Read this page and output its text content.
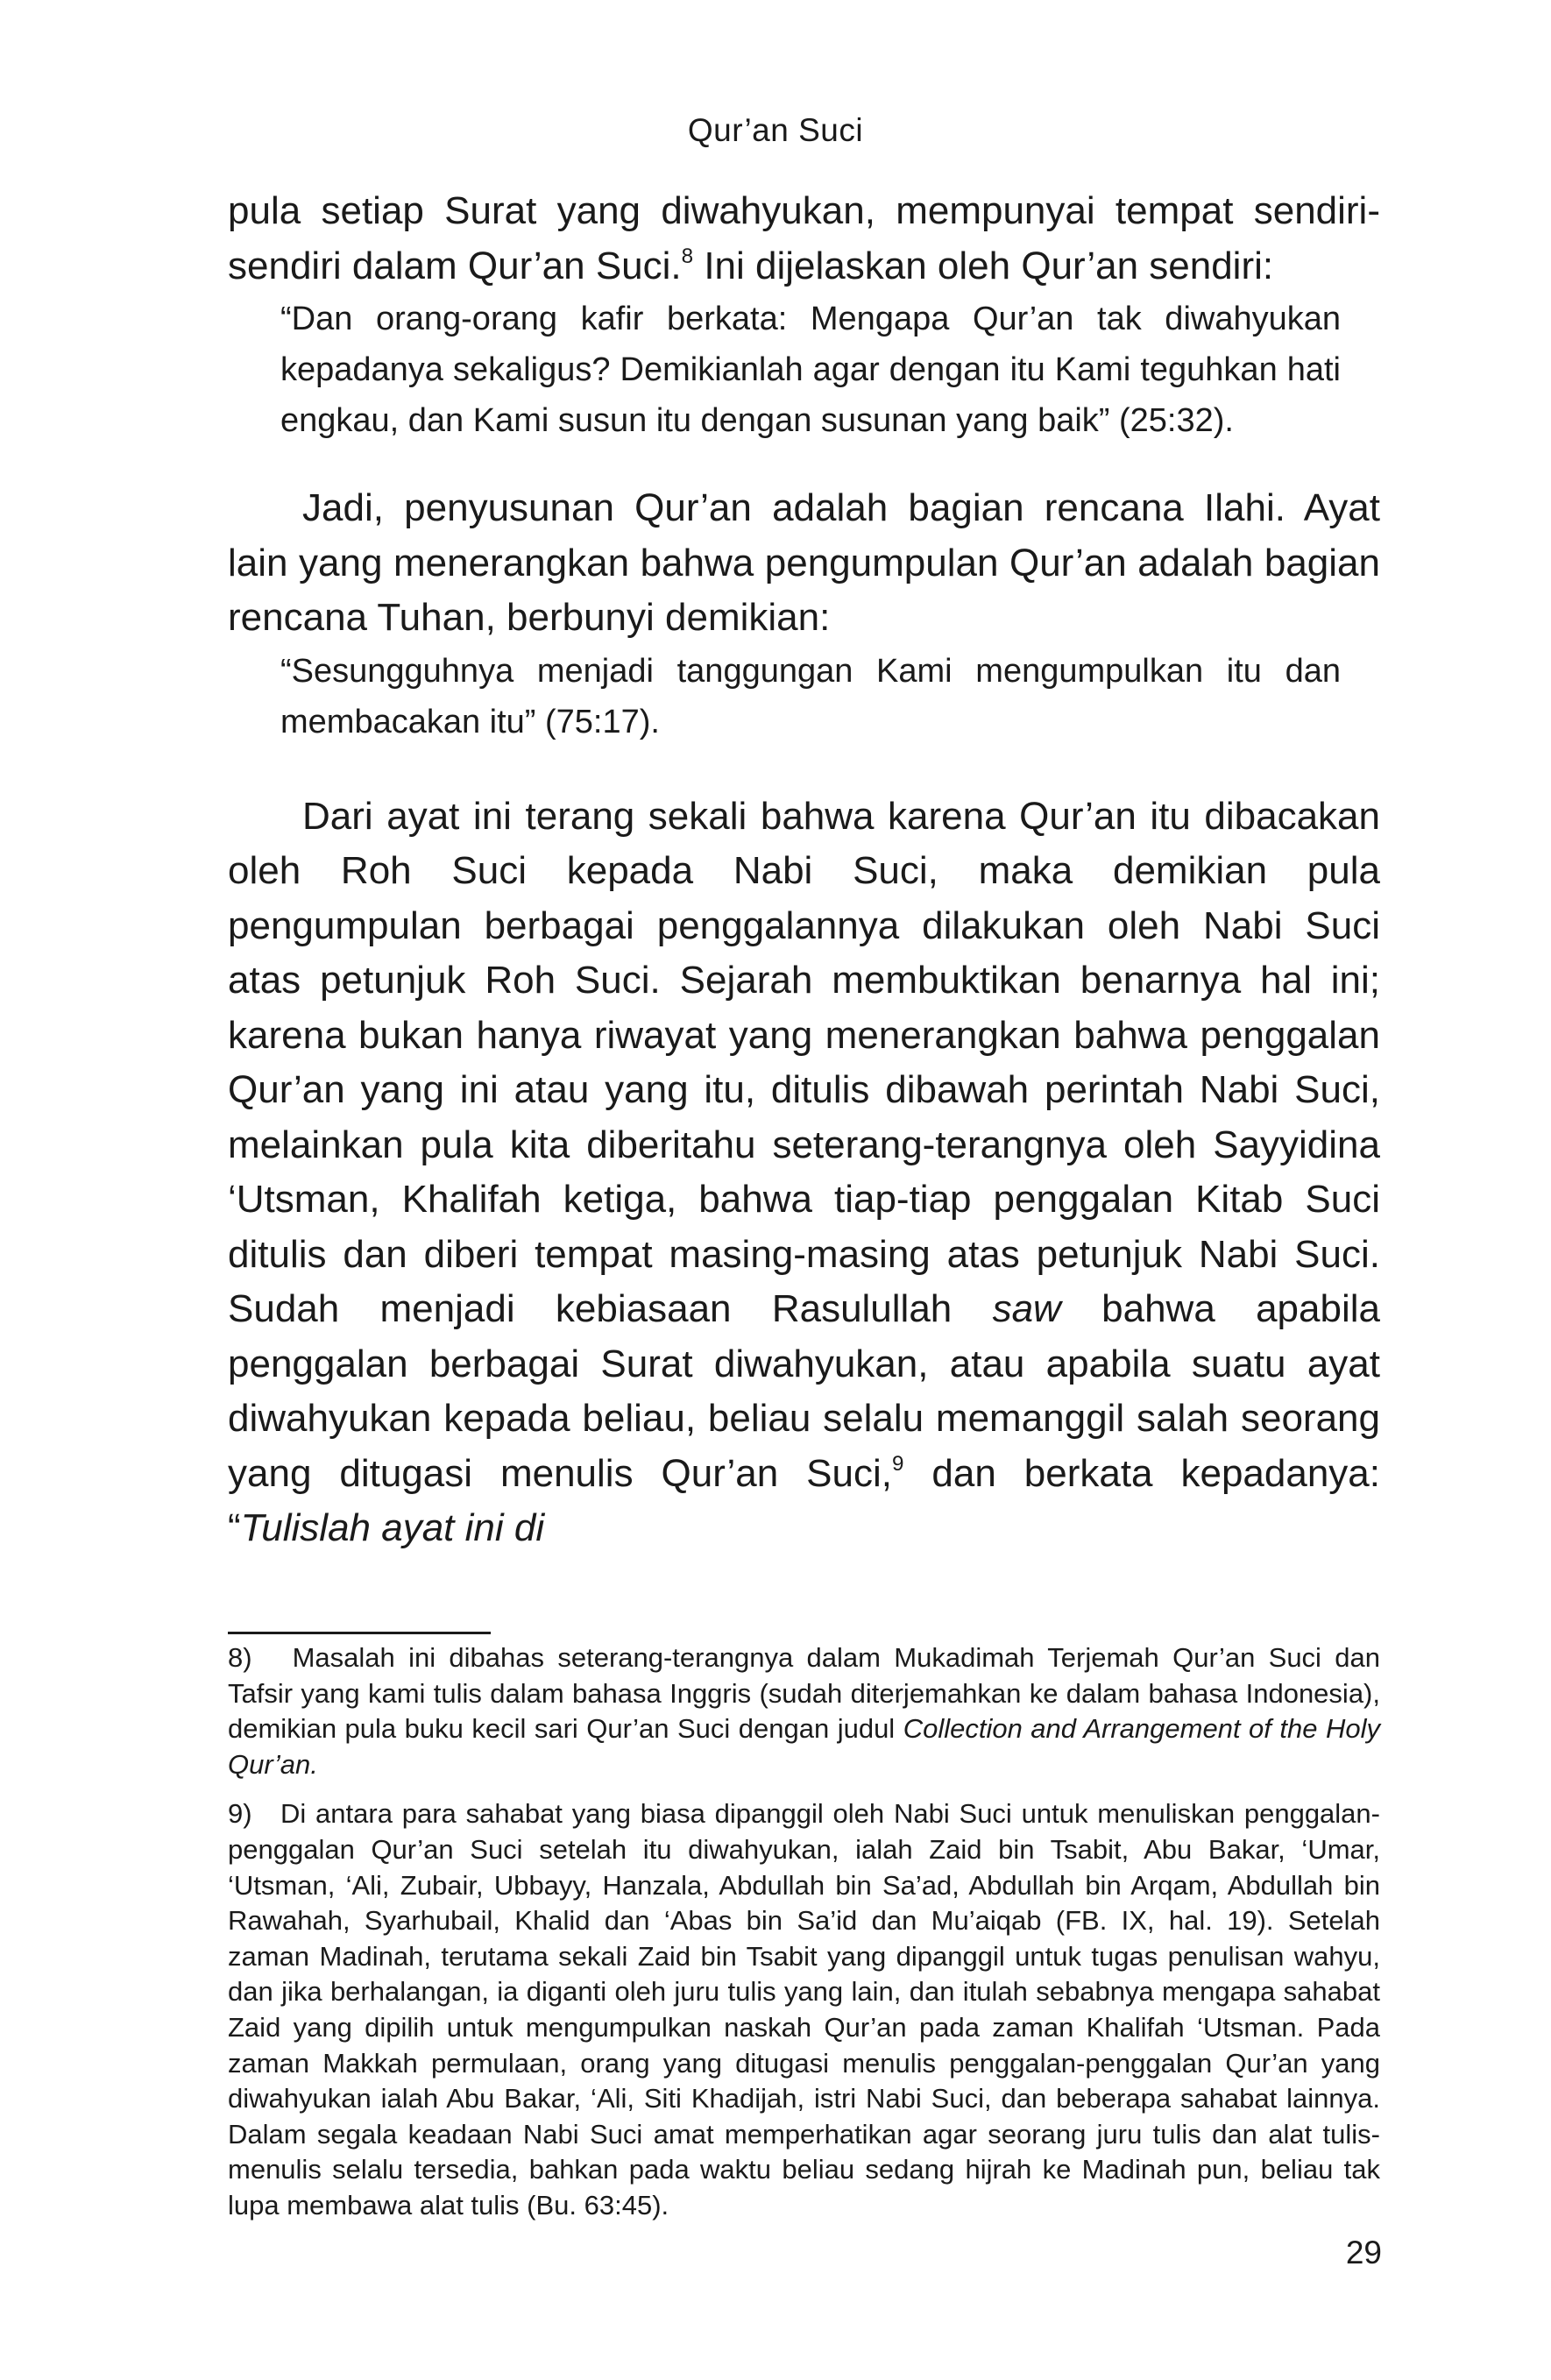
Qur’an Suci

pula setiap Surat yang diwahyukan, mempunyai tempat sendiri-sendiri dalam Qur’an Suci.$^8$ Ini dijelaskan oleh Qur’an sendiri:

“Dan orang-orang kafir berkata: Mengapa Qur’an tak diwahyukan kepadanya sekaligus? Demikianlah agar dengan itu Kami teguhkan hati engkau, dan Kami susun itu dengan susunan yang baik” (25:32).

Jadi, penyusunan Qur’an adalah bagian rencana Ilahi. Ayat lain yang menerangkan bahwa pengumpulan Qur’an adalah bagian rencana Tuhan, berbunyi demikian:

“Sesungguhnya menjadi tanggungan Kami mengumpulkan itu dan membacakan itu” (75:17).

Dari ayat ini terang sekali bahwa karena Qur’an itu dibacakan oleh Roh Suci kepada Nabi Suci, maka demikian pula pengumpulan berbagai penggalannya dilakukan oleh Nabi Suci atas petunjuk Roh Suci. Sejarah membuktikan benarnya hal ini; karena bukan hanya riwayat yang menerangkan bahwa penggalan Qur’an yang ini atau yang itu, ditulis dibawah perintah Nabi Suci, melainkan pula kita diberitahu seterang-terangnya oleh Sayyidina ‘Utsman, Khalifah ketiga, bahwa tiap-tiap penggalan Kitab Suci ditulis dan diberi tempat masing-masing atas petunjuk Nabi Suci. Sudah menjadi kebiasaan Rasulullah saw bahwa apabila penggalan berbagai Surat diwahyukan, atau apabila suatu ayat diwahyukan kepada beliau, beliau selalu memanggil salah seorang yang ditugasi menulis Qur’an Suci,$^9$ dan berkata kepadanya: “Tulislah ayat ini di

8) Masalah ini dibahas seterang-terangnya dalam Mukadimah Terjemah Qur’an Suci dan Tafsir yang kami tulis dalam bahasa Inggris (sudah diterjemahkan ke dalam bahasa Indonesia), demikian pula buku kecil sari Qur’an Suci dengan judul Collection and Arrangement of the Holy Qur’an.

9) Di antara para sahabat yang biasa dipanggil oleh Nabi Suci untuk menuliskan penggalan-penggalan Qur’an Suci setelah itu diwahyukan, ialah Zaid bin Tsabit, Abu Bakar, ‘Umar, ‘Utsman, ‘Ali, Zubair, Ubbayy, Hanzala, Abdullah bin Sa’ad, Abdullah bin Arqam, Abdullah bin Rawahah, Syarhubail, Khalid dan ‘Abas bin Sa’id dan Mu’aiqab (FB. IX, hal. 19). Setelah zaman Madinah, terutama sekali Zaid bin Tsabit yang dipanggil untuk tugas penulisan wahyu, dan jika berhalangan, ia diganti oleh juru tulis yang lain, dan itulah sebabnya mengapa sahabat Zaid yang dipilih untuk mengumpulkan naskah Qur’an pada zaman Khalifah ‘Utsman. Pada zaman Makkah permulaan, orang yang ditugasi menulis penggalan-penggalan Qur’an yang diwahyukan ialah Abu Bakar, ‘Ali, Siti Khadijah, istri Nabi Suci, dan beberapa sahabat lainnya. Dalam segala keadaan Nabi Suci amat memperhatikan agar seorang juru tulis dan alat tulis-menulis selalu tersedia, bahkan pada waktu beliau sedang hijrah ke Madinah pun, beliau tak lupa membawa alat tulis (Bu. 63:45).

29
